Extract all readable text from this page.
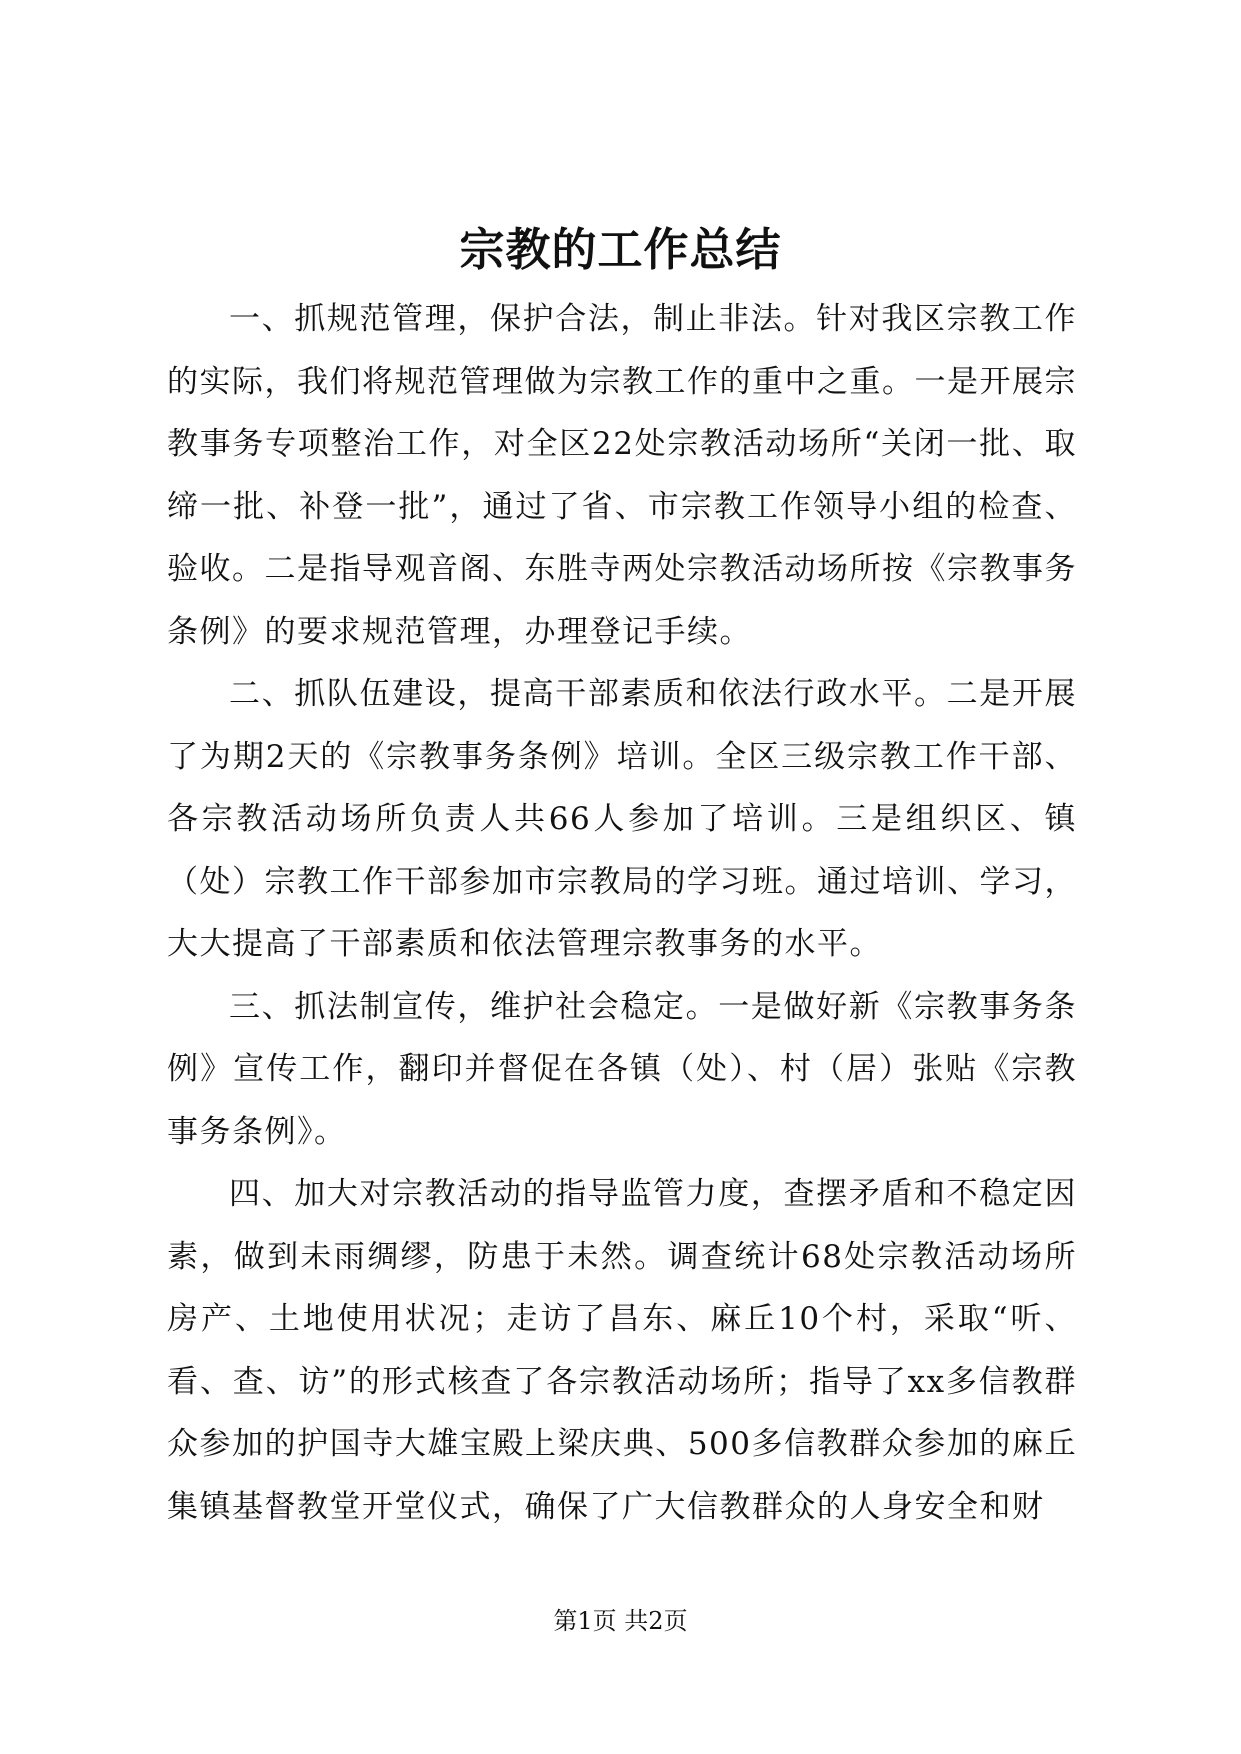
宗教的工作总结

一、抓规范管理，保护合法，制止非法。针对我区宗教工作的实际，我们将规范管理做为宗教工作的重中之重。一是开展宗教事务专项整治工作，对全区22处宗教活动场所“关闭一批、取缔一批、补登一批”，通过了省、市宗教工作领导小组的检查、验收。二是指导观音阁、东胜寺两处宗教活动场所按《宗教事务条例》的要求规范管理，办理登记手续。

二、抓队伍建设，提高干部素质和依法行政水平。二是开展了为期2天的《宗教事务条例》培训。全区三级宗教工作干部、各宗教活动场所负责人共66人参加了培训。三是组织区、镇（处）宗教工作干部参加市宗教局的学习班。通过培训、学习，大大提高了干部素质和依法管理宗教事务的水平。

三、抓法制宣传，维护社会稳定。一是做好新《宗教事务条例》宣传工作，翻印并督促在各镇（处）、村（居）张贴《宗教事务条例》。

四、加大对宗教活动的指导监管力度，查摆矛盾和不稳定因素，做到未雨绸缪，防患于未然。调查统计68处宗教活动场所房产、土地使用状况；走访了昌东、麻丘10个村，采取“听、看、查、访”的形式核查了各宗教活动场所；指导了xx多信教群众参加的护国寺大雄宝殿上梁庆典、500多信教群众参加的麻丘集镇基督教堂开堂仪式，确保了广大信教群众的人身安全和财

第1页 共2页
